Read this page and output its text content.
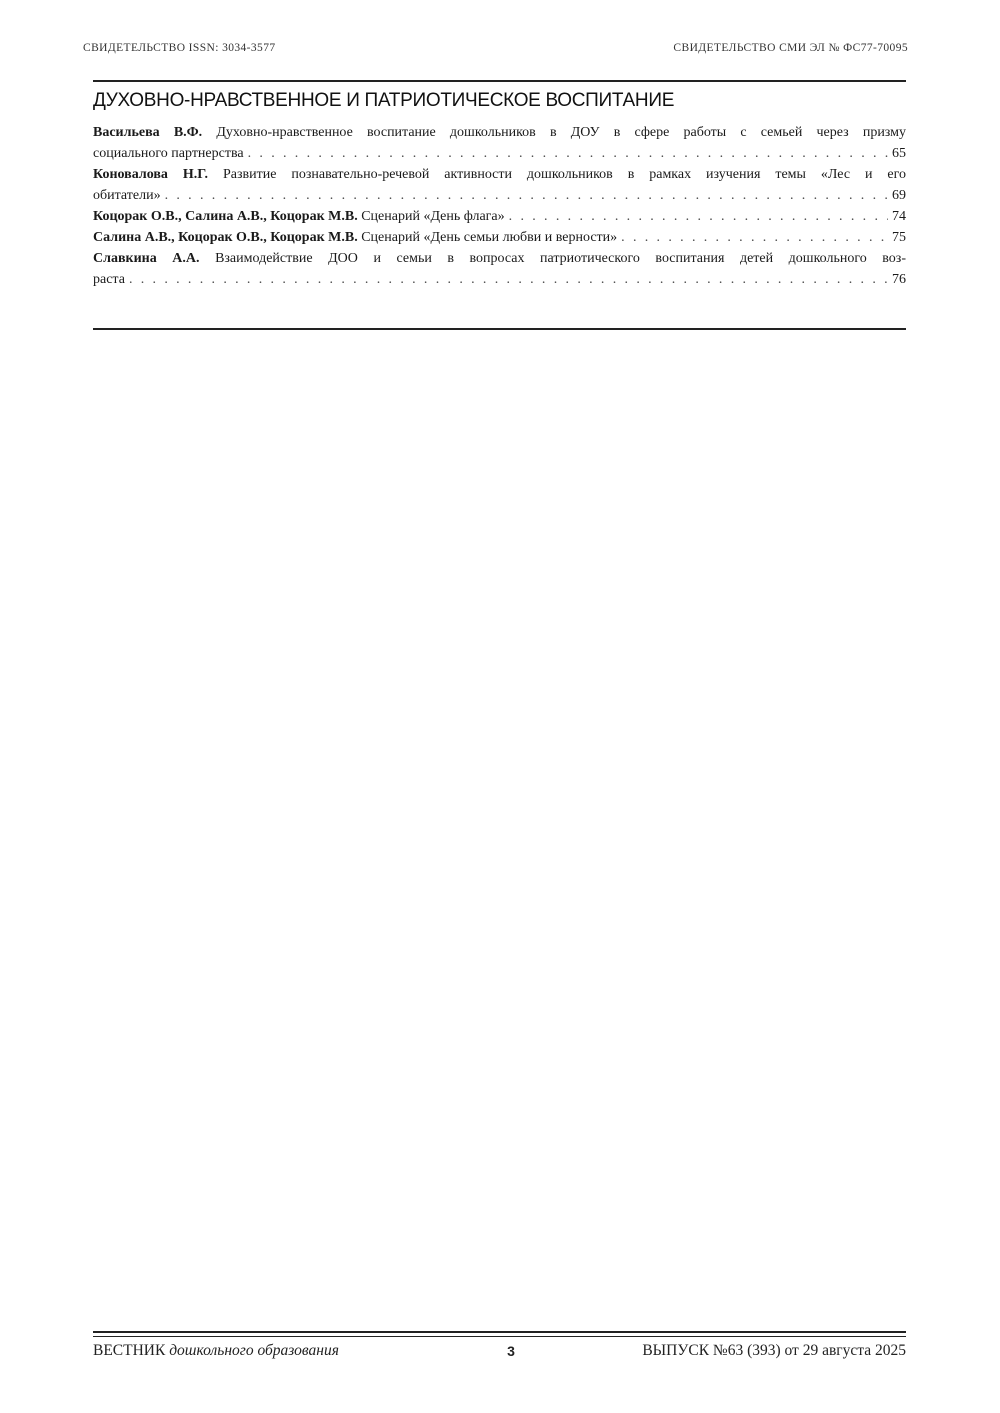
СВИДЕТЕЛЬСТВО ISSN: 3034-3577	СВИДЕТЕЛЬСТВО СМИ ЭЛ № ФС77-70095
ДУХОВНО-НРАВСТВЕННОЕ И ПАТРИОТИЧЕСКОЕ ВОСПИТАНИЕ
Васильева В.Ф. Духовно-нравственное воспитание дошкольников в ДОУ в сфере работы с семьей через призму
социального партнерства . . .	65
Коновалова Н.Г. Развитие познавательно-речевой активности дошкольников в рамках изучения темы «Лес и его
обитатели» . . .	69
Коцорак О.В., Салина А.В., Коцорак М.В. Сценарий «День флага» . . .	74
Салина А.В., Коцорак О.В., Коцорак М.В. Сценарий «День семьи любви и верности» . . .	75
Славкина А.А. Взаимодействие ДОО и семьи в вопросах патриотического воспитания детей дошкольного воз-
раста . . .	76
ВЕСТНИК дошкольного образования	3	ВЫПУСК №63 (393) от 29 августа 2025
